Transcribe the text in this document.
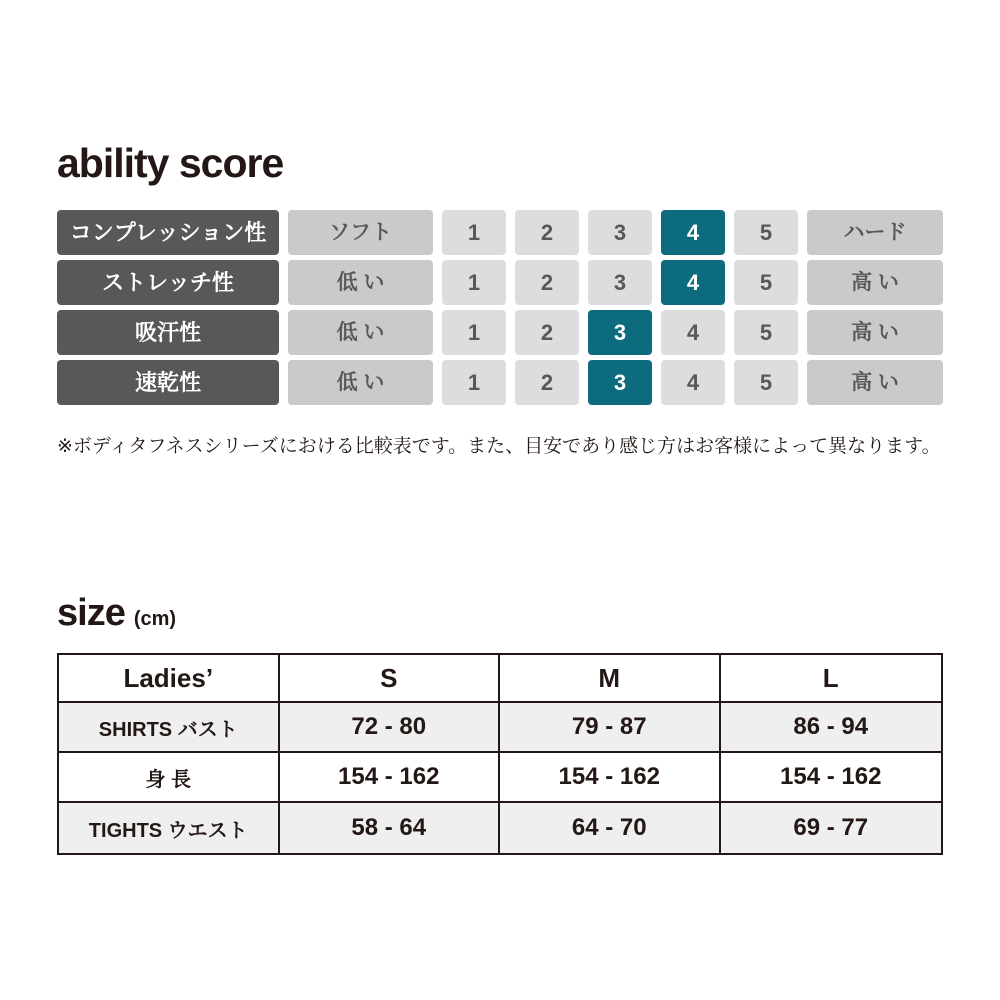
ability score
コンプレッション性	ソフト	1	2	3	4	5	ハード
ストレッチ性	低 い	1	2	3	4	5	高 い
吸汗性	低 い	1	2	3	4	5	高 い
速乾性	低 い	1	2	3	4	5	高 い
※ボディタフネスシリーズにおける比較表です。また、目安であり感じ方はお客様によって異なります。
size (cm)
Ladies’	S	M	L
SHIRTS バスト	72 - 80	79 - 87	86 - 94
身 長	154 - 162	154 - 162	154 - 162
TIGHTS ウエスト	58 - 64	64 - 70	69 - 77
